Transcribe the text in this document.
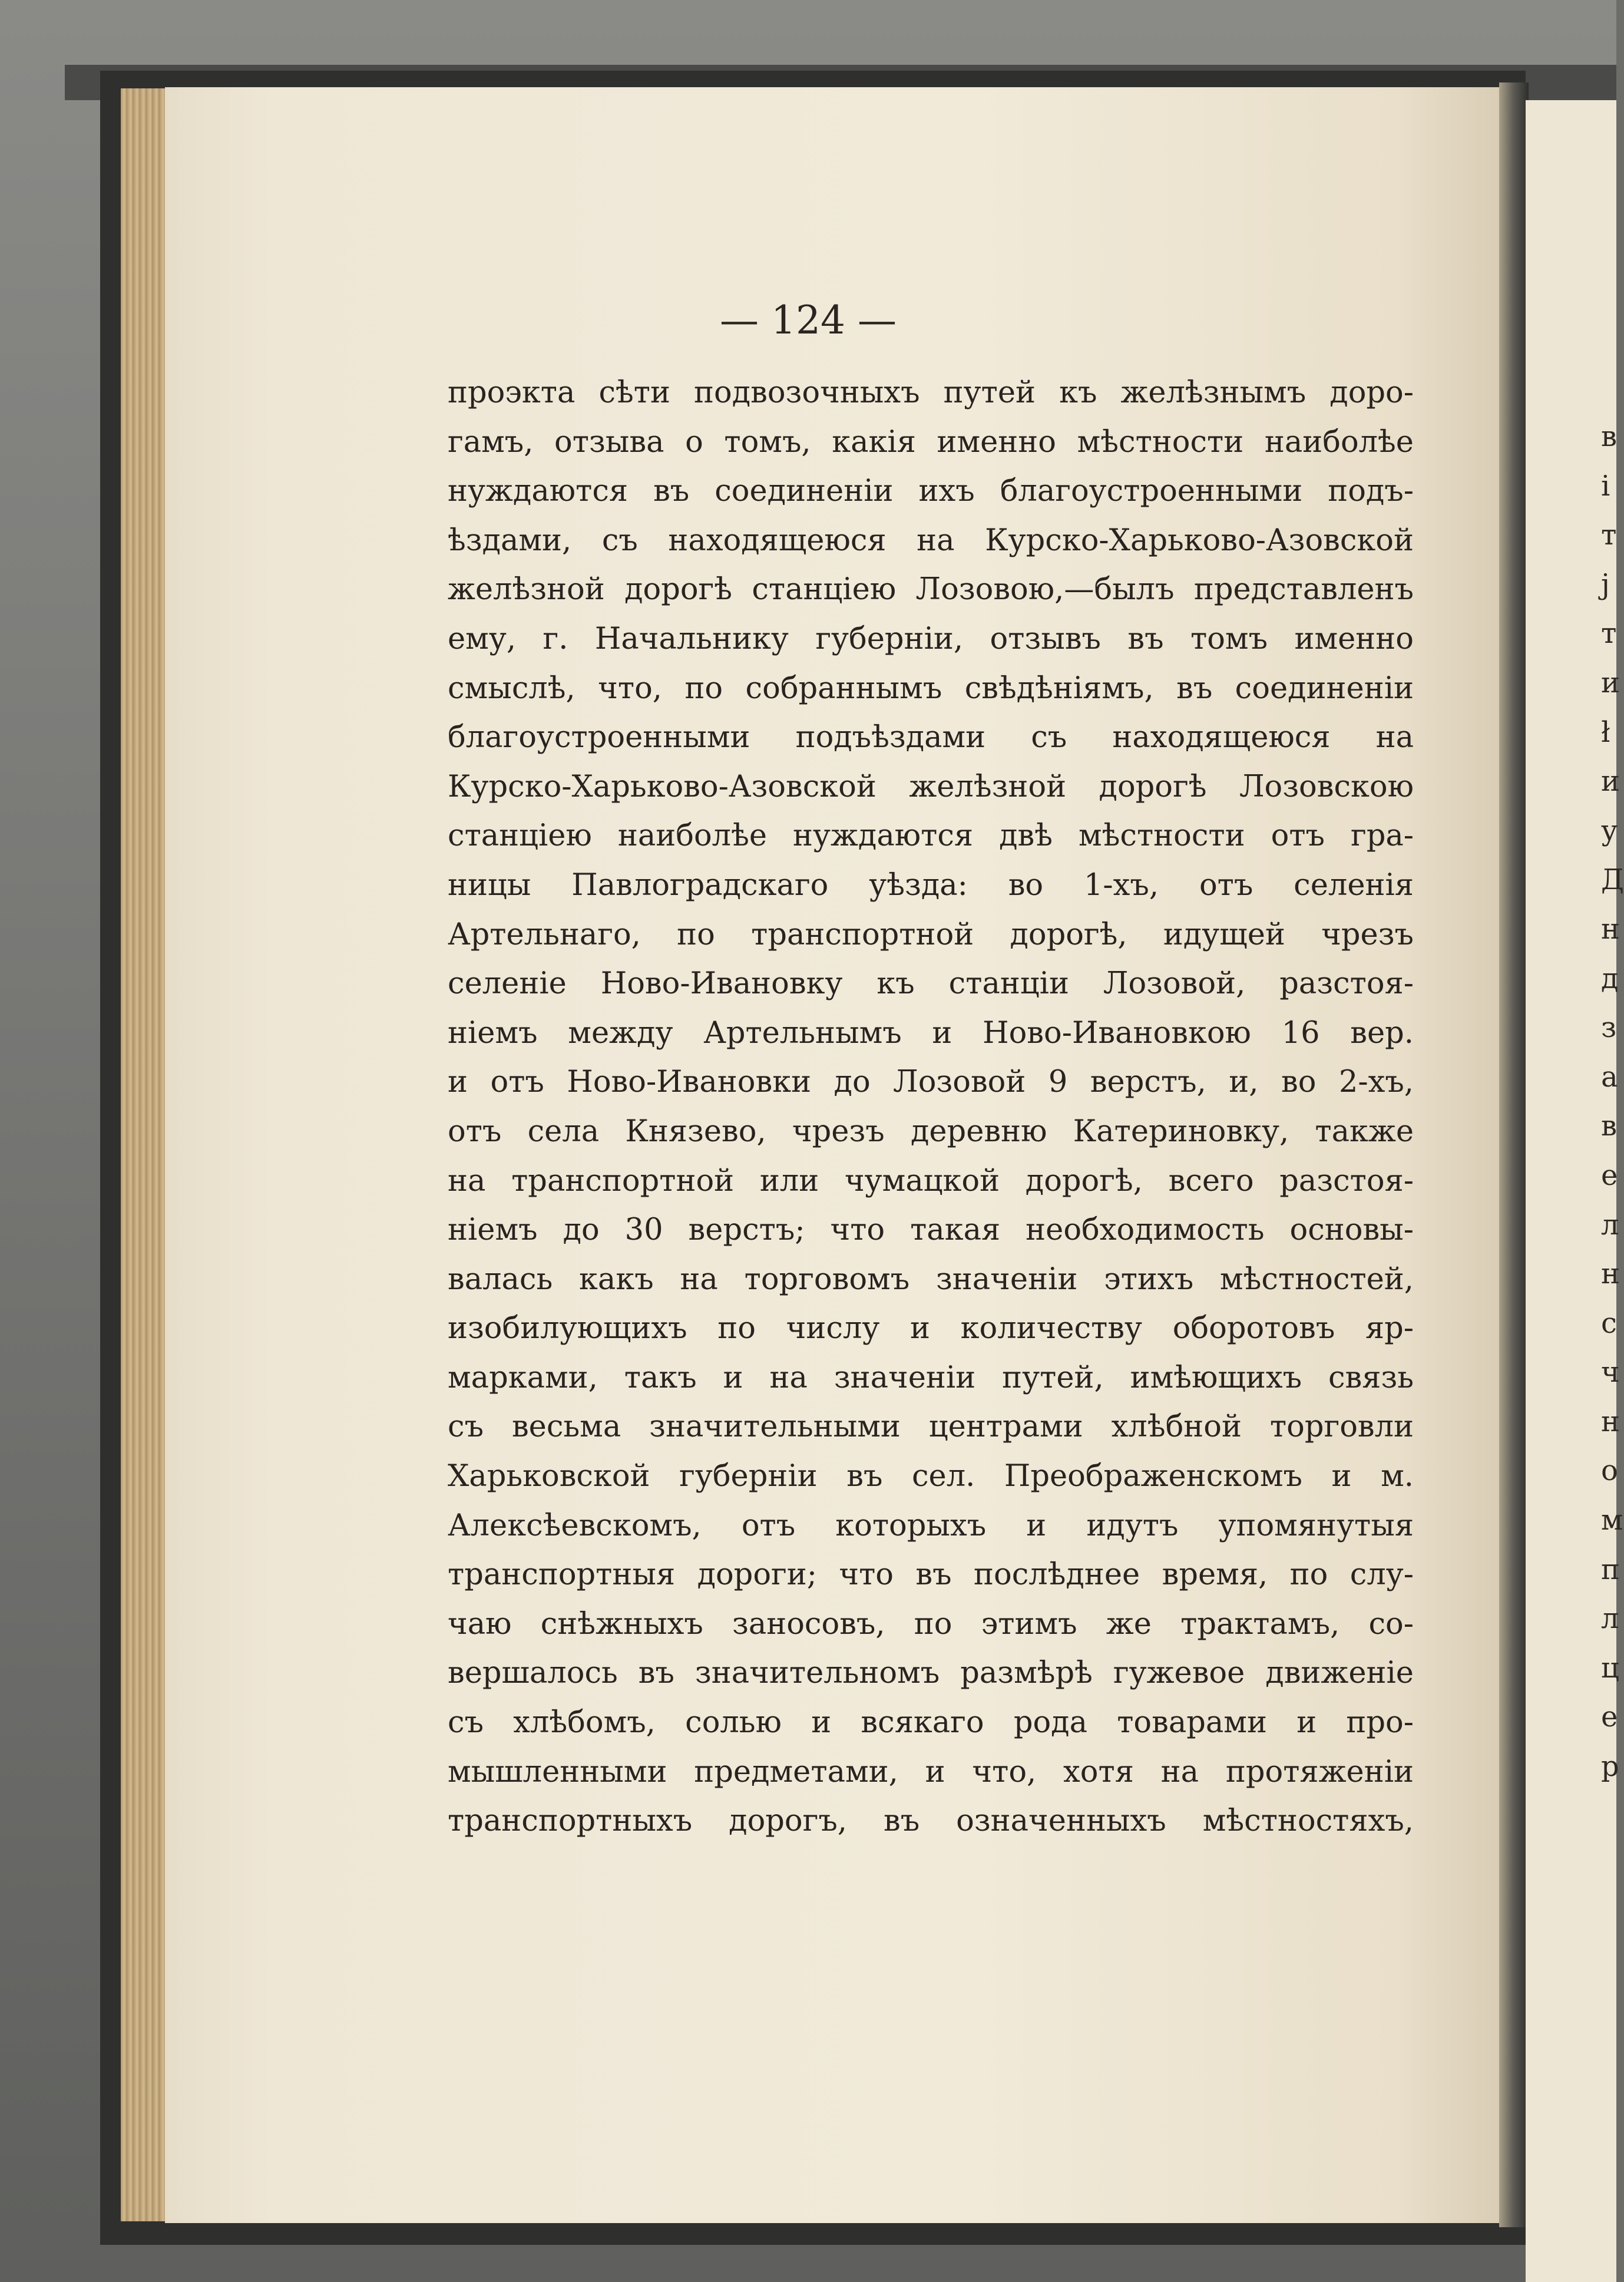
— 124 —
проэкта сѣти подвозочныхъ путей къ желѣзнымъ доро-
гамъ, отзыва о томъ, какія именно мѣстности наиболѣе
нуждаются въ соединеніи ихъ благоустроенными подъ-
ѣздами, съ находящеюся на Курско-Харьково-Азовской
желѣзной дорогѣ станціею Лозовою,—былъ представленъ
ему, г. Начальнику губерніи, отзывъ въ томъ именно
смыслѣ, что, по собраннымъ свѣдѣніямъ, въ соединеніи
благоустроенными подъѣздами съ находящеюся на
Курско-Харьково-Азовской желѣзной дорогѣ Лозовскою
станціею наиболѣе нуждаются двѣ мѣстности отъ гра-
ницы Павлоградскаго уѣзда: во 1-хъ, отъ селенія
Артельнаго, по транспортной дорогѣ, идущей чрезъ
селеніе Ново-Ивановку къ станціи Лозовой, разстоя-
ніемъ между Артельнымъ и Ново-Ивановкою 16 вер.
и отъ Ново-Ивановки до Лозовой 9 верстъ, и, во 2-хъ,
отъ села Князево, чрезъ деревню Катериновку, также
на транспортной или чумацкой дорогѣ, всего разстоя-
ніемъ до 30 верстъ; что такая необходимость основы-
валась какъ на торговомъ значеніи этихъ мѣстностей,
изобилующихъ по числу и количеству оборотовъ яр-
марками, такъ и на значеніи путей, имѣющихъ связь
съ весьма значительными центрами хлѣбной торговли
Харьковской губерніи въ сел. Преображенскомъ и м.
Алексѣевскомъ, отъ которыхъ и идутъ упомянутыя
транспортныя дороги; что въ послѣднее время, по слу-
чаю снѣжныхъ заносовъ, по этимъ же трактамъ, со-
вершалось въ значительномъ размѣрѣ гужевое движеніе
съ хлѣбомъ, солью и всякаго рода товарами и про-
мышленными предметами, и что, хотя на протяженіи
транспортныхъ дорогъ, въ означенныхъ мѣстностяхъ,
в
i
т
ј
т
и
ł
и
у
Д
н
д
з
а
в
е
л
н
с
ч
н
о
м
п
л
ц
е
р
